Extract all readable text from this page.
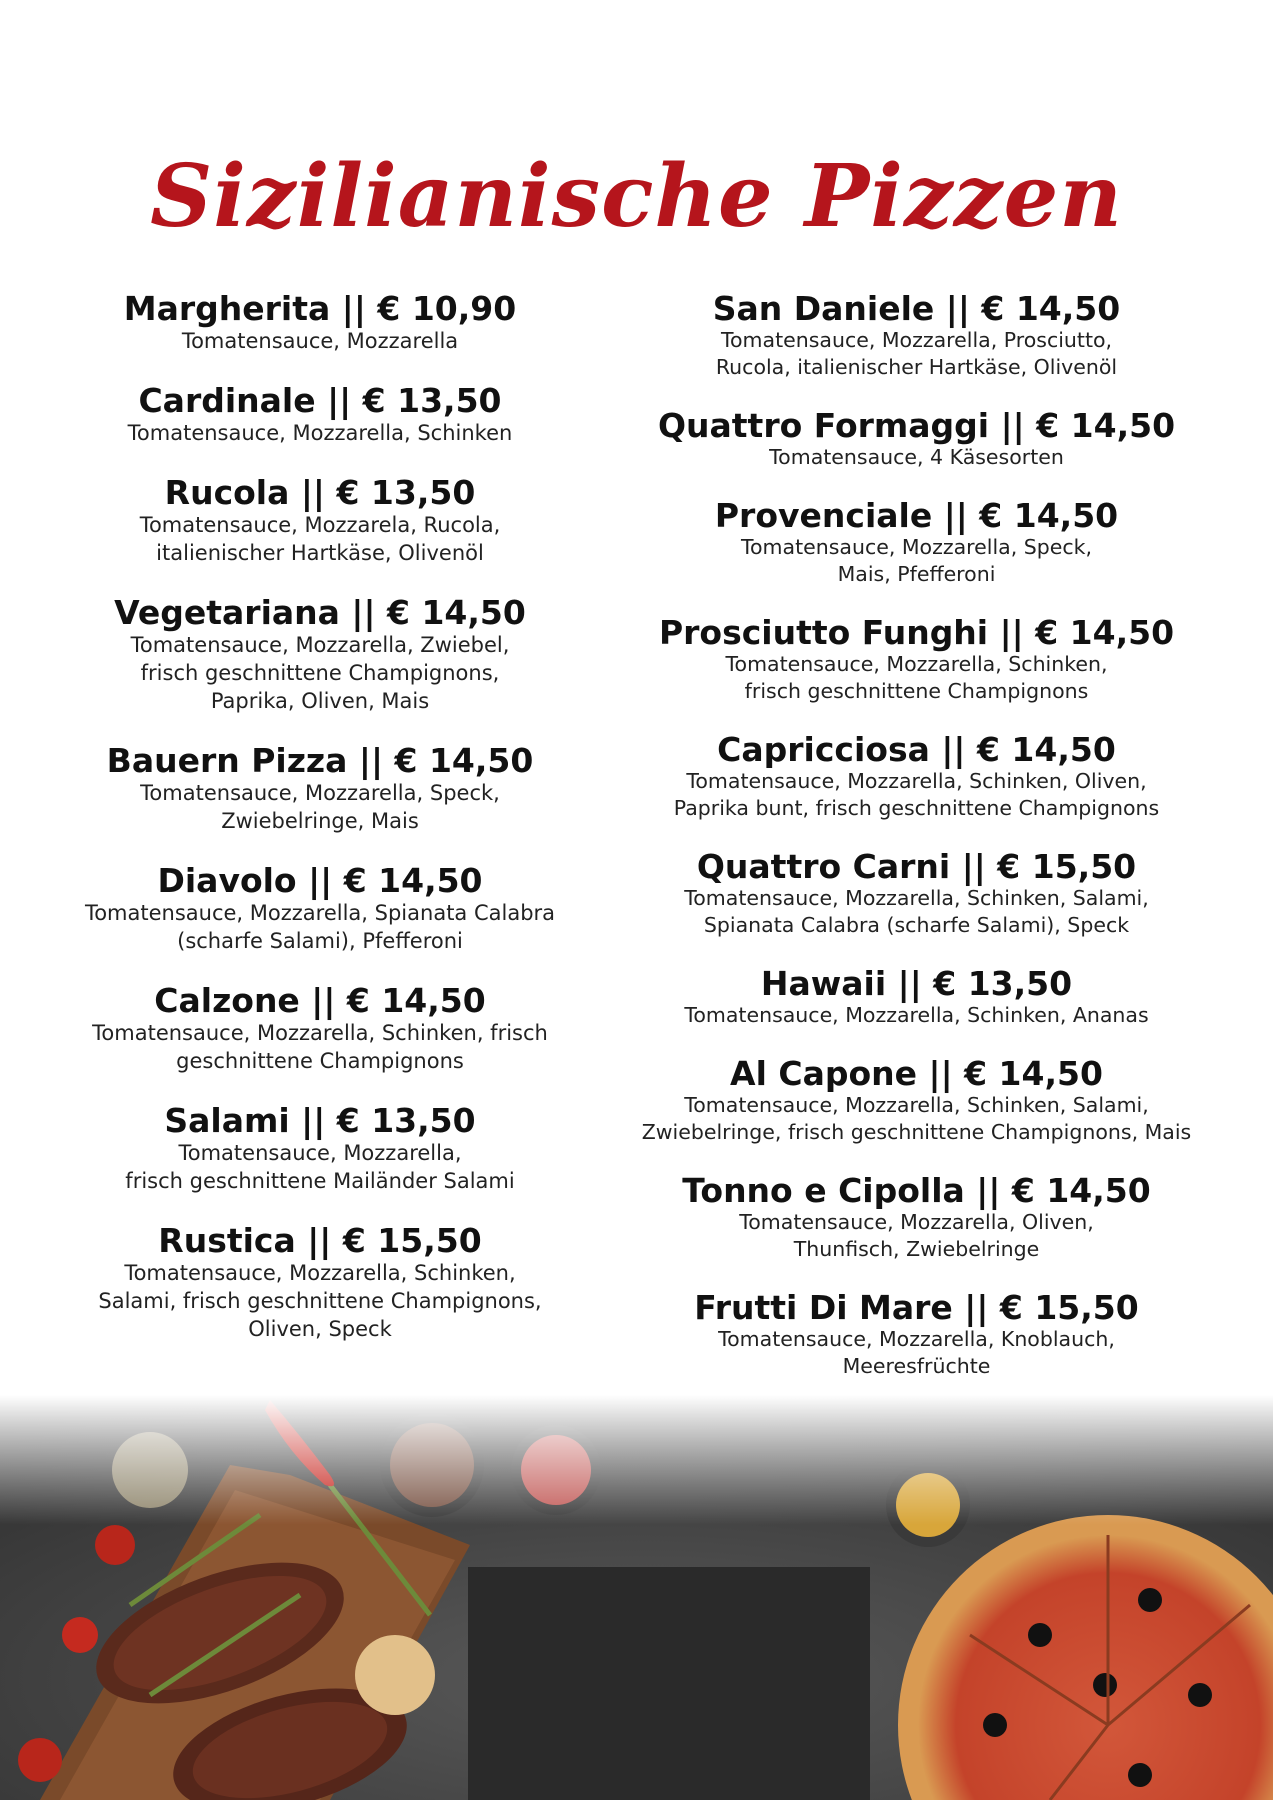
Sizilianische Pizzen
Margherita || € 10,90

Tomatensauce, Mozzarella

Cardinale || € 13,50

Tomatensauce, Mozzarella, Schinken

Rucola || € 13,50

Tomatensauce, Mozzarela, Rucola,
italienischer Hartkäse, Olivenöl

Vegetariana || € 14,50

Tomatensauce, Mozzarella, Zwiebel,
frisch geschnittene Champignons,
Paprika, Oliven, Mais

Bauern Pizza || € 14,50

Tomatensauce, Mozzarella, Speck,
Zwiebelringe, Mais

Diavolo || € 14,50

Tomatensauce, Mozzarella, Spianata Calabra
(scharfe Salami), Pfefferoni

Calzone || € 14,50

Tomatensauce, Mozzarella, Schinken, frisch
geschnittene Champignons

Salami || € 13,50

Tomatensauce, Mozzarella,
frisch geschnittene Mailänder Salami

Rustica || € 15,50

Tomatensauce, Mozzarella, Schinken,
Salami, frisch geschnittene Champignons,
Oliven, Speck

San Daniele || € 14,50

Tomatensauce, Mozzarella, Prosciutto,
Rucola, italienischer Hartkäse, Olivenöl

Quattro Formaggi || € 14,50

Tomatensauce, 4 Käsesorten

Provenciale || € 14,50

Tomatensauce, Mozzarella, Speck,
Mais, Pfefferoni

Prosciutto Funghi || € 14,50

Tomatensauce, Mozzarella, Schinken,
frisch geschnittene Champignons

Capricciosa || € 14,50

Tomatensauce, Mozzarella, Schinken, Oliven,
Paprika bunt, frisch geschnittene Champignons

Quattro Carni || € 15,50

Tomatensauce, Mozzarella, Schinken, Salami,
Spianata Calabra (scharfe Salami), Speck

Hawaii || € 13,50

Tomatensauce, Mozzarella, Schinken, Ananas

Al Capone || € 14,50

Tomatensauce, Mozzarella, Schinken, Salami,
Zwiebelringe, frisch geschnittene Champignons, Mais

Tonno e Cipolla || € 14,50

Tomatensauce, Mozzarella, Oliven,
Thunfisch, Zwiebelringe

Frutti Di Mare || € 15,50

Tomatensauce, Mozzarella, Knoblauch,
Meeresfrüchte
